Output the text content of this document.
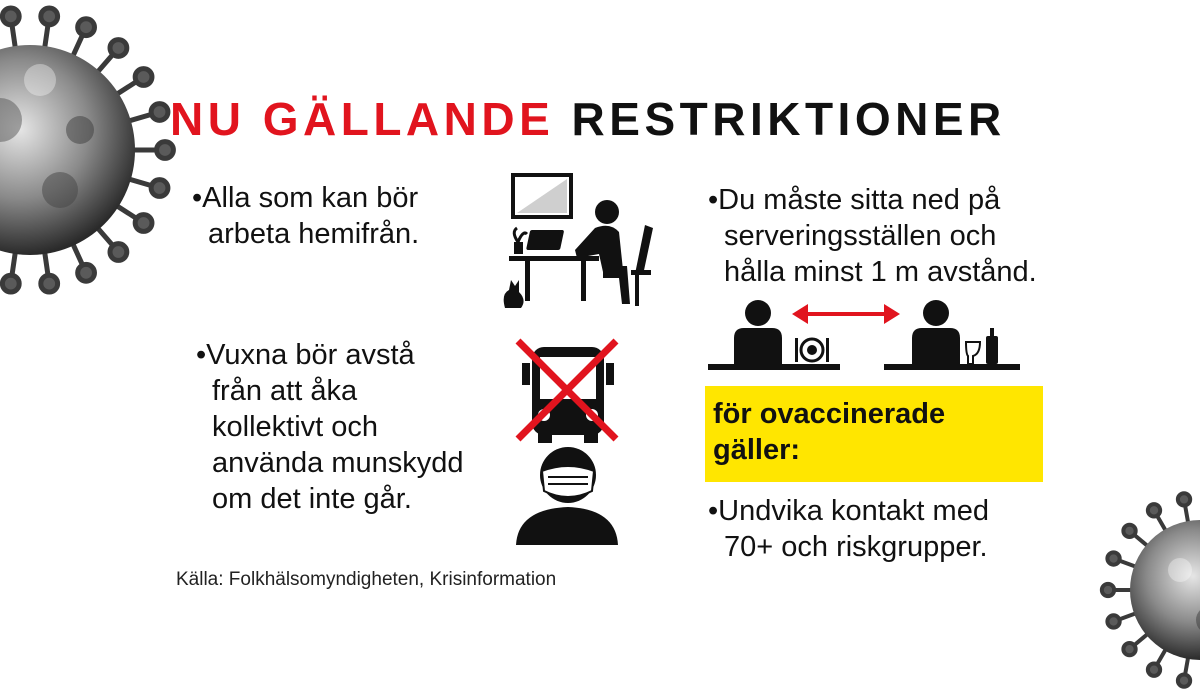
NU GÄLLANDE RESTRIKTIONER
•Alla som kan bör
arbeta hemifrån.
•Vuxna bör avstå
från att åka
kollektivt och
använda munskydd
om det inte går.
•Du måste sitta ned på
serveringsställen och
hålla minst 1 m avstånd.
för ovaccinerade
gäller:
•Undvika kontakt med
70+ och riskgrupper.
Källa: Folkhälsomyndigheten, Krisinformation
